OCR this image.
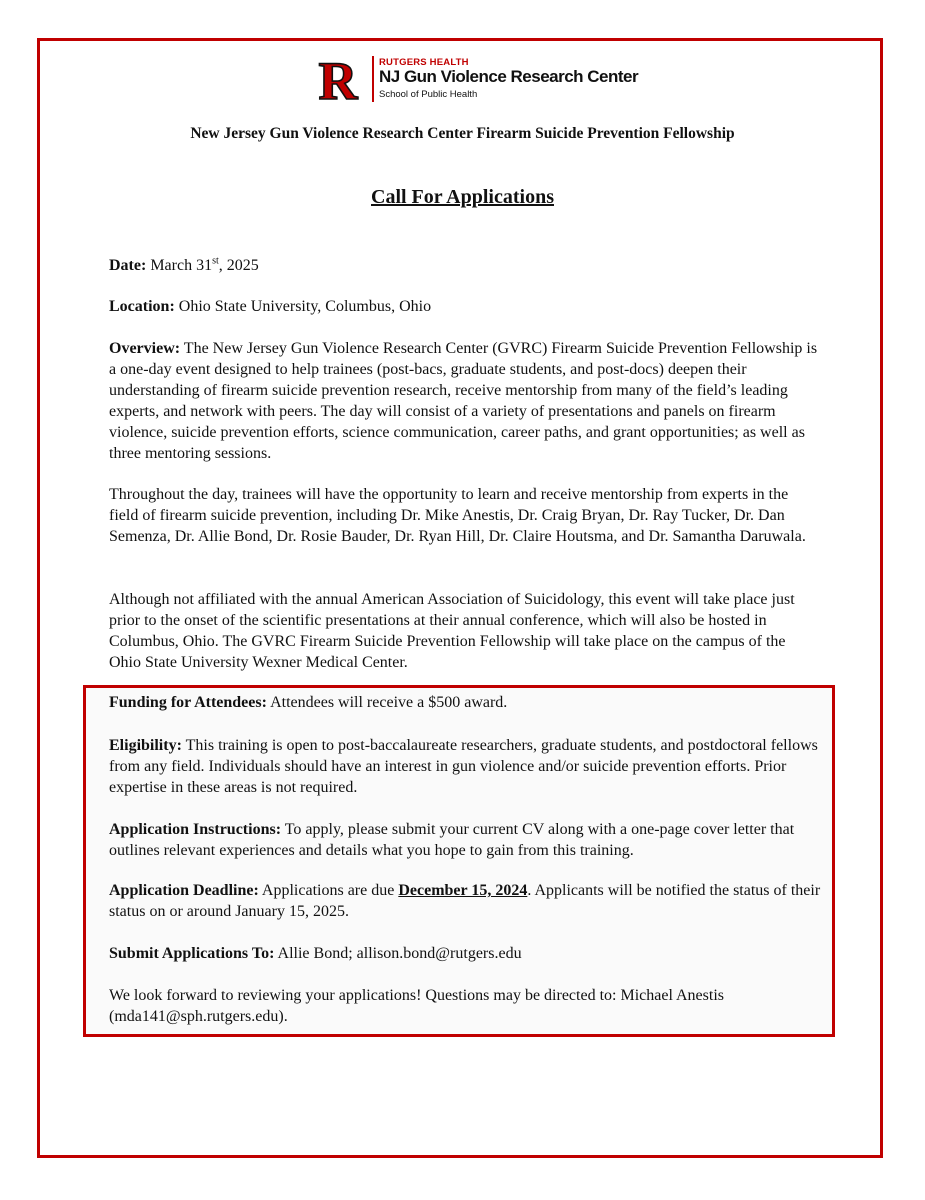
R RUTGERS HEALTH
NJ Gun Violence Research Center
School of Public Health
New Jersey Gun Violence Research Center Firearm Suicide Prevention Fellowship
Call For Applications

Date: March 31st, 2025

Location: Ohio State University, Columbus, Ohio

Overview: The New Jersey Gun Violence Research Center (GVRC) Firearm Suicide Prevention Fellowship is a one-day event designed to help trainees (post-bacs, graduate students, and post-docs) deepen their understanding of firearm suicide prevention research, receive mentorship from many of the field’s leading experts, and network with peers. The day will consist of a variety of presentations and panels on firearm violence, suicide prevention efforts, science communication, career paths, and grant opportunities; as well as three mentoring sessions.

Throughout the day, trainees will have the opportunity to learn and receive mentorship from experts in the field of firearm suicide prevention, including Dr. Mike Anestis, Dr. Craig Bryan, Dr. Ray Tucker, Dr. Dan Semenza, Dr. Allie Bond, Dr. Rosie Bauder, Dr. Ryan Hill, Dr. Claire Houtsma, and Dr. Samantha Daruwala.

Although not affiliated with the annual American Association of Suicidology, this event will take place just prior to the onset of the scientific presentations at their annual conference, which will also be hosted in Columbus, Ohio. The GVRC Firearm Suicide Prevention Fellowship will take place on the campus of the Ohio State University Wexner Medical Center.

Funding for Attendees: Attendees will receive a $500 award.

Eligibility: This training is open to post-baccalaureate researchers, graduate students, and postdoctoral fellows from any field. Individuals should have an interest in gun violence and/or suicide prevention efforts. Prior expertise in these areas is not required.

Application Instructions: To apply, please submit your current CV along with a one-page cover letter that outlines relevant experiences and details what you hope to gain from this training.

Application Deadline: Applications are due December 15, 2024. Applicants will be notified the status of their status on or around January 15, 2025.

Submit Applications To: Allie Bond; allison.bond@rutgers.edu

We look forward to reviewing your applications! Questions may be directed to: Michael Anestis (mda141@sph.rutgers.edu).
